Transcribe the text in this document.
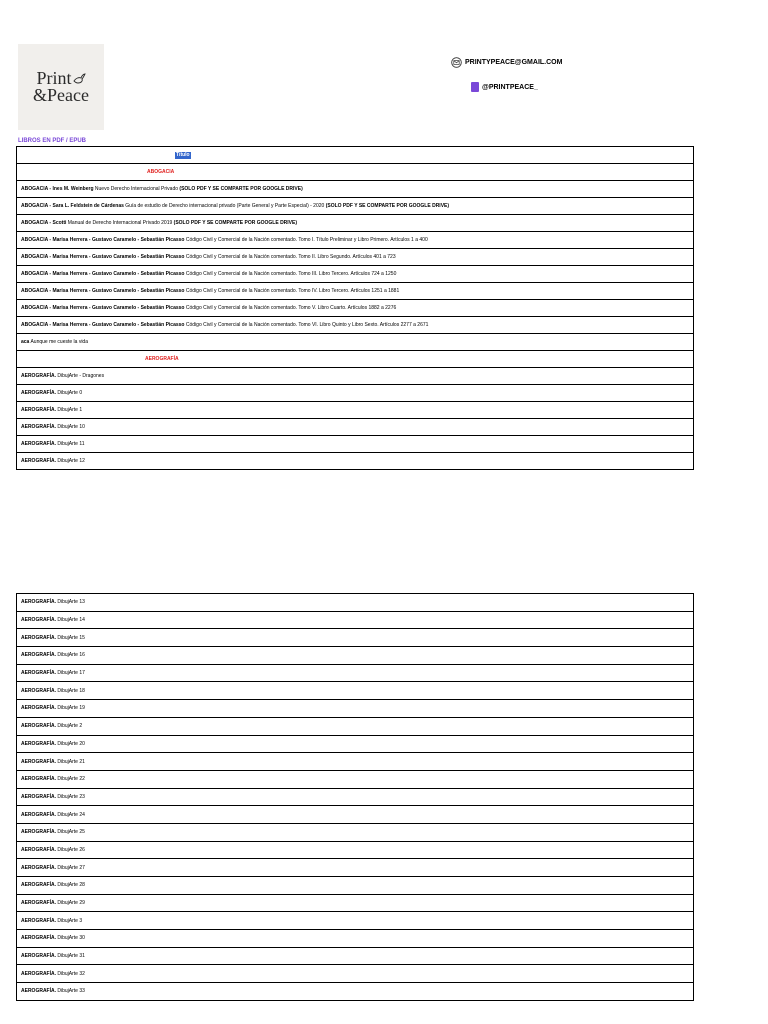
Print
&Peace
PRINTYPEACE@GMAIL.COM
@PRINTPEACE_
LIBROS EN PDF / EPUB
Título
ABOGACIA
ABOGACIA - Ines M. Weinberg Nuevo Derecho Internacional Privado (SOLO PDF Y SE COMPARTE POR GOOGLE DRIVE)
ABOGACIA - Sara L. Feldstein de Cárdenas Guía de estudio de Derecho internacional privado (Parte General y Parte Especial) - 2020 (SOLO PDF Y SE COMPARTE POR GOOGLE DRIVE)
ABOGACIA - Scotti Manual de Derecho Internacional Privado 2019 (SOLO PDF Y SE COMPARTE POR GOOGLE DRIVE)
ABOGACIA - Marisa Herrera - Gustavo Caramelo - Sebastián Picasso Código Civil y Comercial de la Nación comentado. Tomo I. Título Preliminar y Libro Primero. Artículos 1 a 400
ABOGACIA - Marisa Herrera - Gustavo Caramelo - Sebastián Picasso Código Civil y Comercial de la Nación comentado. Tomo II. Libro Segundo. Artículos 401 a 723
ABOGACIA - Marisa Herrera - Gustavo Caramelo - Sebastián Picasso Código Civil y Comercial de la Nación comentado. Tomo III. Libro Tercero. Artículos 724 a 1250
ABOGACIA - Marisa Herrera - Gustavo Caramelo - Sebastián Picasso Código Civil y Comercial de la Nación comentado. Tomo IV. Libro Tercero. Artículos 1251 a 1881
ABOGACIA - Marisa Herrera - Gustavo Caramelo - Sebastián Picasso Código Civil y Comercial de la Nación comentado. Tomo V. Libro Cuarto. Artículos 1882 a 2276
ABOGACIA - Marisa Herrera - Gustavo Caramelo - Sebastián Picasso Código Civil y Comercial de la Nación comentado. Tomo VI. Libro Quinto y Libro Sexto. Artículos 2277 a 2671
aca Aunque me cueste la vida
AEROGRAFÍA
AEROGRAFÍA. DibujArte - Dragones
AEROGRAFÍA. DibujArte 0
AEROGRAFÍA. DibujArte 1
AEROGRAFÍA. DibujArte 10
AEROGRAFÍA. DibujArte 11
AEROGRAFÍA. DibujArte 12
AEROGRAFÍA. DibujArte 13
AEROGRAFÍA. DibujArte 14
AEROGRAFÍA. DibujArte 15
AEROGRAFÍA. DibujArte 16
AEROGRAFÍA. DibujArte 17
AEROGRAFÍA. DibujArte 18
AEROGRAFÍA. DibujArte 19
AEROGRAFÍA. DibujArte 2
AEROGRAFÍA. DibujArte 20
AEROGRAFÍA. DibujArte 21
AEROGRAFÍA. DibujArte 22
AEROGRAFÍA. DibujArte 23
AEROGRAFÍA. DibujArte 24
AEROGRAFÍA. DibujArte 25
AEROGRAFÍA. DibujArte 26
AEROGRAFÍA. DibujArte 27
AEROGRAFÍA. DibujArte 28
AEROGRAFÍA. DibujArte 29
AEROGRAFÍA. DibujArte 3
AEROGRAFÍA. DibujArte 30
AEROGRAFÍA. DibujArte 31
AEROGRAFÍA. DibujArte 32
AEROGRAFÍA. DibujArte 33
